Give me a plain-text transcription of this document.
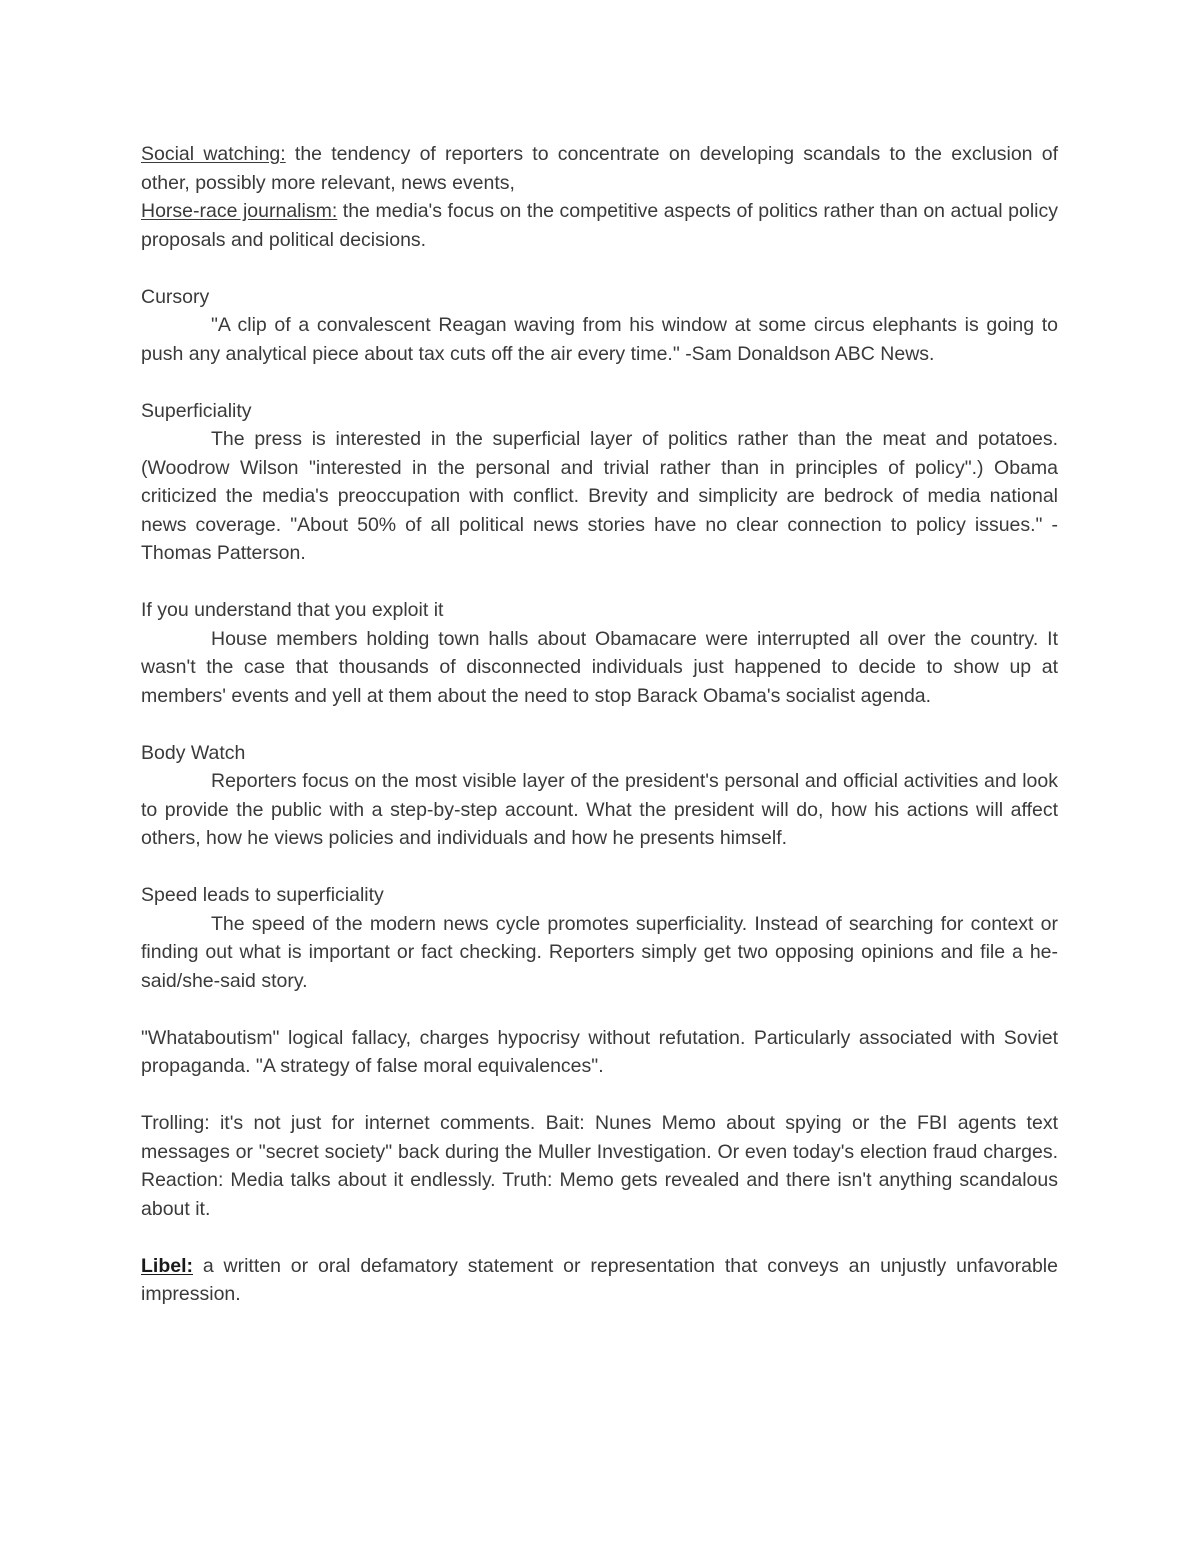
Social watching: the tendency of reporters to concentrate on developing scandals to the exclusion of other, possibly more relevant, news events,

Horse-race journalism: the media's focus on the competitive aspects of politics rather than on actual policy proposals and political decisions.

Cursory

"A clip of a convalescent Reagan waving from his window at some circus elephants is going to push any analytical piece about tax cuts off the air every time." -Sam Donaldson ABC News.

Superficiality

The press is interested in the superficial layer of politics rather than the meat and potatoes. (Woodrow Wilson "interested in the personal and trivial rather than in principles of policy".) Obama criticized the media's preoccupation with conflict. Brevity and simplicity are bedrock of media national news coverage. "About 50% of all political news stories have no clear connection to policy issues." -Thomas Patterson.

If you understand that you exploit it

House members holding town halls about Obamacare were interrupted all over the country. It wasn't the case that thousands of disconnected individuals just happened to decide to show up at members' events and yell at them about the need to stop Barack Obama's socialist agenda.

Body Watch

Reporters focus on the most visible layer of the president's personal and official activities and look to provide the public with a step-by-step account. What the president will do, how his actions will affect others, how he views policies and individuals and how he presents himself.

Speed leads to superficiality

The speed of the modern news cycle promotes superficiality. Instead of searching for context or finding out what is important or fact checking. Reporters simply get two opposing opinions and file a he-said/she-said story.

"Whataboutism" logical fallacy, charges hypocrisy without refutation. Particularly associated with Soviet propaganda. "A strategy of false moral equivalences".

Trolling: it's not just for internet comments. Bait: Nunes Memo about spying or the FBI agents text messages or "secret society" back during the Muller Investigation. Or even today's election fraud charges. Reaction: Media talks about it endlessly. Truth: Memo gets revealed and there isn't anything scandalous about it.

Libel: a written or oral defamatory statement or representation that conveys an unjustly unfavorable impression.
